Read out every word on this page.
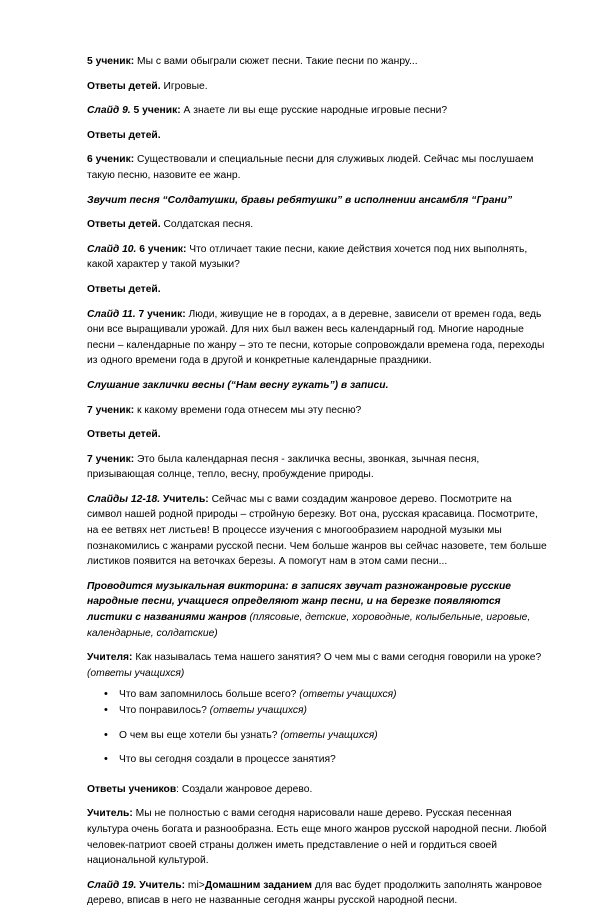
5 ученик: Мы с вами обыграли сюжет песни. Такие песни по жанру...

Ответы детей. Игровые.

Слайд 9. 5 ученик: А знаете ли вы еще русские народные игровые песни?

Ответы детей.

6 ученик: Существовали и специальные песни для служивых людей. Сейчас мы послушаем такую песню, назовите ее жанр.

Звучит песня “Солдатушки, бравы ребятушки” в исполнении ансамбля “Грани”

Ответы детей. Солдатская песня.

Слайд 10. 6 ученик: Что отличает такие песни, какие действия хочется под них выполнять, какой характер у такой музыки?

Ответы детей.

Слайд 11. 7 ученик: Люди, живущие не в городах, а в деревне, зависели от времен года, ведь они все выращивали урожай. Для них был важен весь календарный год. Многие народные песни – календарные по жанру – это те песни, которые сопровождали времена года, переходы из одного времени года в другой и конкретные календарные праздники.

Слушание заклички весны (“Нам весну гукать”) в записи.

7 ученик: к какому времени года отнесем мы эту песню?

Ответы детей.

7 ученик: Это была календарная песня - закличка весны, звонкая, зычная песня, призывающая солнце, тепло, весну, пробуждение природы.

Слайды 12-18. Учитель: Сейчас мы с вами создадим жанровое дерево. Посмотрите на символ нашей родной природы – стройную березку. Вот она, русская красавица. Посмотрите, на ее ветвях нет листьев! В процессе изучения с многообразием народной музыки мы познакомились с жанрами русской песни. Чем больше жанров вы сейчас назовете, тем больше листиков появится на веточках березы. А помогут нам в этом сами песни...

Проводится музыкальная викторина: в записях звучат разножанровые русские народные песни, учащиеся определяют жанр песни, и на березке появляются листики с названиями жанров (плясовые, детские, хороводные, колыбельные, игровые, календарные, солдатские)

Учителя: Как называлась тема нашего занятия? О чем мы с вами сегодня говорили на уроке? (ответы учащихся)

• Что вам запомнилось больше всего? (ответы учащихся)
• Что понравилось? (ответы учащихся)
• О чем вы еще хотели бы узнать? (ответы учащихся)
• Что вы сегодня создали в процессе занятия?

Ответы учеников: Создали жанровое дерево.

Учитель: Мы не полностью с вами сегодня нарисовали наше дерево. Русская песенная культура очень богата и разнообразна. Есть еще много жанров русской народной песни. Любой человек-патриот своей страны должен иметь представление о ней и гордиться своей национальной культурой.

Слайд 19. Учитель: mi>Домашним заданием для вас будет продолжить заполнять жанровое дерево, вписав в него не названные сегодня жанры русской народной песни.
